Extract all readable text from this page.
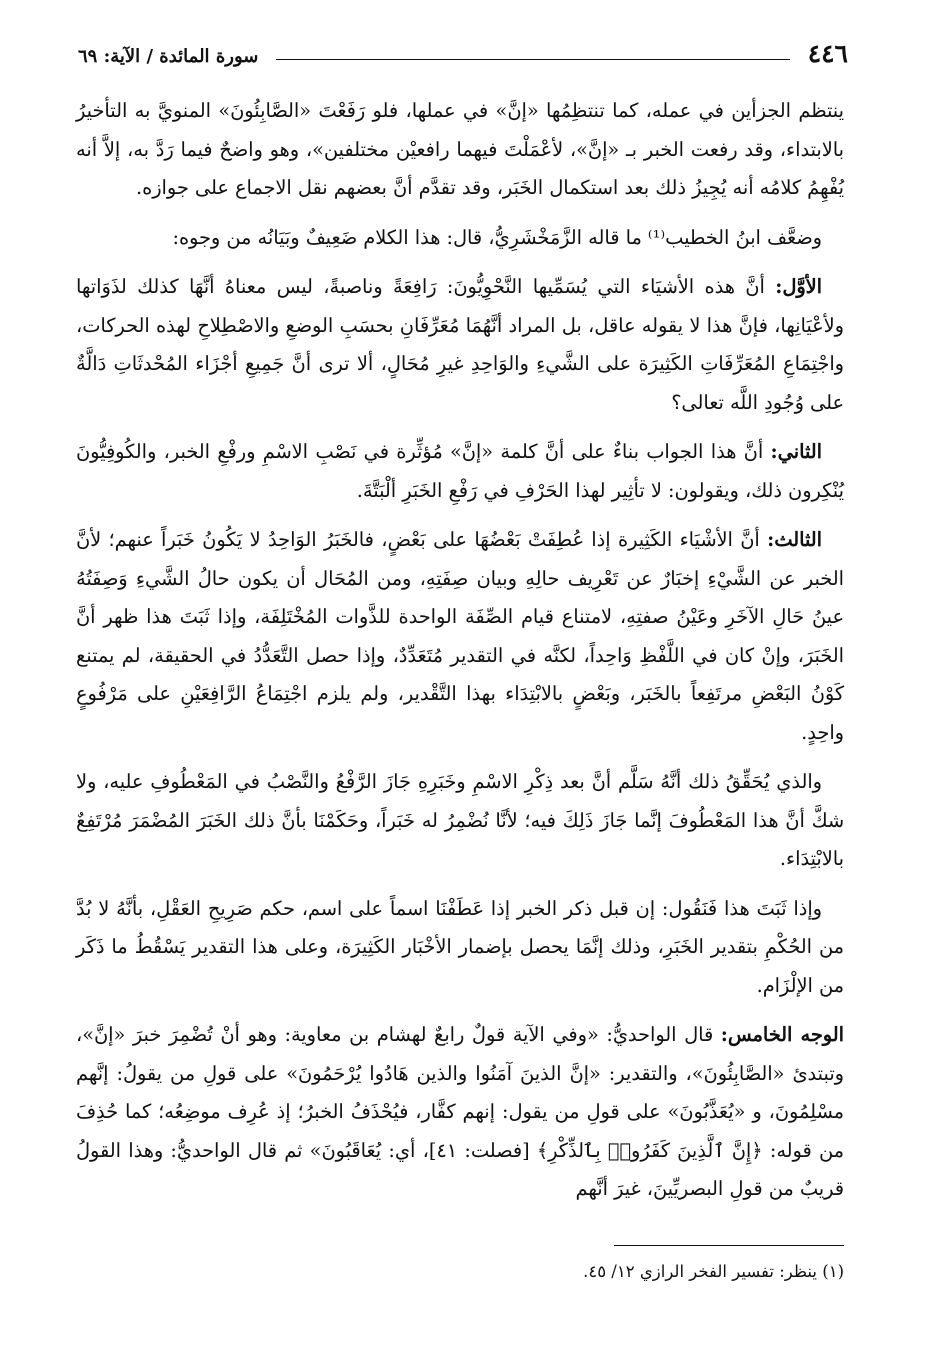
٤٤٦
سورة المائدة / الآية: ٦٩

ينتظم الجزأين في عمله، كما تنتظِمُها «إنَّ» في عملها، فلو رَفَعْتَ «الصَّابِئُونَ» المنويَّ به التأخيرُ بالابتداء، وقد رفعت الخبر بـ «إنَّ»، لأعْمَلْتَ فيهما رافعيْن مختلفين»، وهو واضحٌ فيما رَدَّ به، إلاَّ أنه يُفْهِمُ كلامُه أنه يُجِيزُ ذلك بعد استكمال الخَبَر، وقد تقدَّم أنَّ بعضهم نقل الاجماع على جوازه.

وضعَّف ابنُ الخطيب⁽¹⁾ ما قاله الزَّمَخْشَرِيُّ، قال: هذا الكلام ضَعِيفٌ وبَيَانُه من وجوه:

الأوَّل: أنَّ هذه الأشيَاء التي يُسَمِّيها النَّحْوِيُّونَ: رَافِعَةً وناصبةً، ليس معناهُ أنَّهَا كذلك لذَوَاتها ولأعْيَانِها، فإنَّ هذا لا يقوله عاقل، بل المراد أنَّهُمَا مُعَرِّفَانِ بحسَبِ الوضعِ والاصْطِلاحِ لهذه الحركات، واجْتِمَاعِ المُعَرِّفَاتِ الكَثِيرَة على الشَّيءِ والوَاحِدِ غيرِ مُحَالٍ، ألا ترى أنَّ جَمِيعِ أجْزَاء المُحْدثَاتِ دَالَّةٌ على وُجُودِ اللَّه تعالى؟

الثاني: أنَّ هذا الجواب بناءٌ على أنَّ كلمة «إنَّ» مُؤثِّرة في نَصْبِ الاسْمِ ورفْعِ الخبر، والكُوفِيُّونَ يُنْكِرون ذلك، ويقولون: لا تأثِير لهذا الحَرْفِ في رَفْعِ الخَبَرِ ألْبَتَّةَ.

الثالث: أنَّ الأشْيَاء الكَثِيرة إذا عُطِفَتْ بَعْضُهَا على بَعْضٍ، فالخَبَرُ الوَاحِدُ لا يَكُونُ خَبَراً عنهم؛ لأنَّ الخبر عن الشَّيْءِ إخبَارٌ عن تَعْرِيف حالِهِ وبيان صِفَتِهِ، ومن المُحَال أن يكون حالُ الشَّيءِ وَصِفَتُهُ عينُ حَالِ الآخَرِ وعَيْنُ صفتِهِ، لامتناع قيام الصِّفَة الواحدة للذَّوات المُخْتَلِفَة، وإذا ثَبَتَ هذا ظهر أنَّ الخَبَرَ، وإنْ كان في اللَّفْظِ وَاحِداً، لكنَّه في التقدير مُتَعَدِّدٌ، وإذا حصل التَّعَدُّدُ في الحقيقة، لم يمتنع كَوْنُ البَعْضِ مرتَفِعاً بالخَبَر، وبَعْضٍ بالابْتِدَاء بهذا التَّقْدير، ولم يلزم اجْتِمَاعُ الرَّافِعَيْنِ على مَرْفُوعٍ واحِدٍ.

والذي يُحَقِّقُ ذلك أنَّهُ سَلَّم أنَّ بعد ذِكْرِ الاسْمِ وخَبَرِهِ جَازَ الرَّفْعُ والنَّصْبُ في المَعْطُوفِ عليه، ولا شكَّ أنَّ هذا المَعْطُوفَ إنَّما جَازَ ذَلِكَ فيه؛ لأنَّا نُضْمِرُ له خَبَراً، وحَكَمْنَا بأنَّ ذلك الخَبَرَ المُضْمَرَ مُرْتَفِعٌ بالابْتِدَاء.

وإذا ثَبَتَ هذا فَنَقُول: إن قبل ذكر الخبر إذا عَطَفْنَا اسماً على اسم، حكم صَرِيحِ العَقْلِ، بأنَّهُ لا بُدَّ من الحُكْمِ بتقدير الخَبَرِ، وذلك إنَّمَا يحصل بإضمار الأخْبَار الكَثِيرَة، وعلى هذا التقدير يَسْقُطُ ما ذَكَر من الإلْزَام.

الوجه الخامس: قال الواحديُّ: «وفي الآية قولٌ رابعٌ لهشام بن معاوية: وهو أنْ تُضْمِرَ خبرَ «إنَّ»، وتبتدئ «الصَّابِئُونَ»، والتقدير: «إنَّ الذينَ آمَنُوا والذين هَادُوا يُرْحَمُونَ» على قولِ من يقولُ: إنَّهم مسْلِمُونَ، و «يُعَذَّبُونَ» على قولِ من يقول: إنهم كفَّار، فيُحْذَفُ الخبرُ؛ إذ عُرِف موضِعُه؛ كما حُذِفَ من قوله: ﴿إِنَّ ٱلَّذِينَ كَفَرُوا۟ بِٱلذِّكْرِ﴾ [فصلت: ٤١]، أي: يُعَاقَبُونَ» ثم قال الواحديُّ: وهذا القولُ قريبٌ من قولِ البصريِّينَ، غيرَ أنَّهم

(١) ينظر: تفسير الفخر الرازي ١٢/ ٤٥.
